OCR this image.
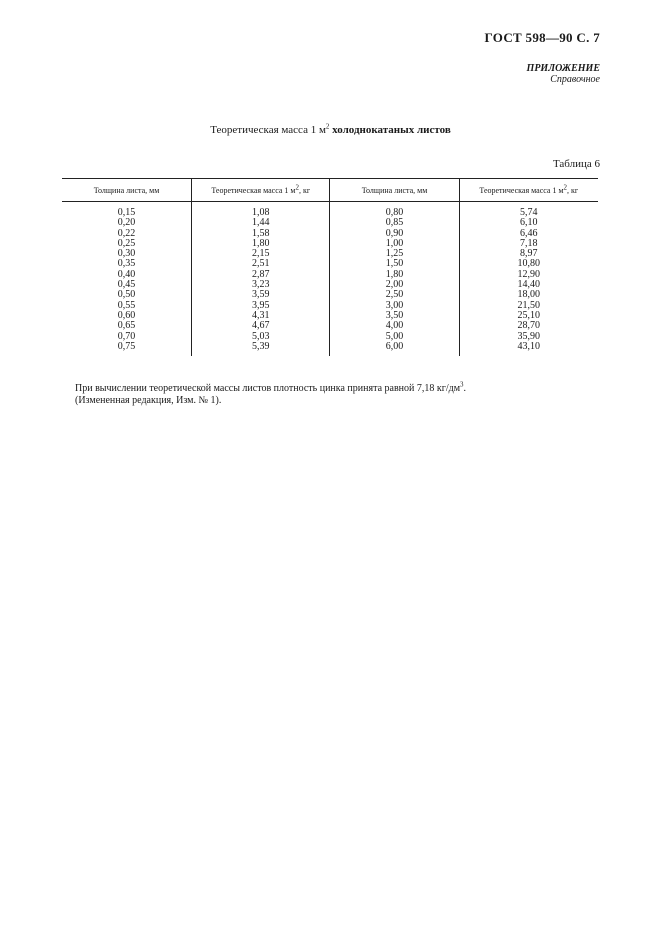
ГОСТ 598—90 С. 7
ПРИЛОЖЕНИЕ
Справочное
Теоретическая масса 1 $м^2$ холоднокатаных листов
Таблица 6
Толщина листа, мм	Теоретическая масса 1 $м^2$, кг	Толщина листа, мм	Теоретическая масса 1 $м^2$, кг
0,15	1,08	0,80	5,74
0,20	1,44	0,85	6,10
0,22	1,58	0,90	6,46
0,25	1,80	1,00	7,18
0,30	2,15	1,25	8,97
0,35	2,51	1,50	10,80
0,40	2,87	1,80	12,90
0,45	3,23	2,00	14,40
0,50	3,59	2,50	18,00
0,55	3,95	3,00	21,50
0,60	4,31	3,50	25,10
0,65	4,67	4,00	28,70
0,70	5,03	5,00	35,90
0,75	5,39	6,00	43,10
При вычислении теоретической массы листов плотность цинка принята равной 7,18 $кг/дм^3$.
(Измененная редакция, Изм. № 1).
